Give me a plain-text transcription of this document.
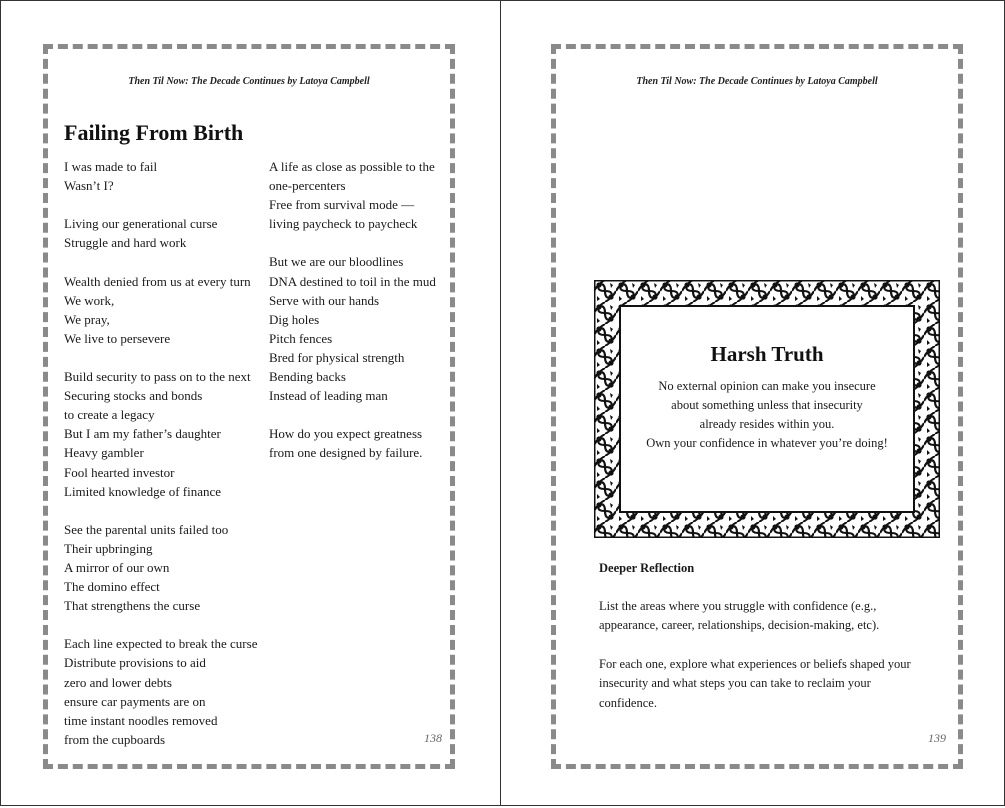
Then Til Now: The Decade Continues by Latoya Campbell
Failing From Birth
I was made to fail
Wasn’t I?
Living our generational curse
Struggle and hard work
Wealth denied from us at every turn
We work,
We pray,
We live to persevere
Build security to pass on to the next
Securing stocks and bonds
to create a legacy
But I am my father’s daughter
Heavy gambler
Fool hearted investor
Limited knowledge of finance
See the parental units failed too
Their upbringing
A mirror of our own
The domino effect
That strengthens the curse
Each line expected to break the curse
Distribute provisions to aid
zero and lower debts
ensure car payments are on
time instant noodles removed
from the cupboards
A life as close as possible to the
one-percenters
Free from survival mode —
living paycheck to paycheck
But we are our bloodlines
DNA destined to toil in the mud
Serve with our hands
Dig holes
Pitch fences
Bred for physical strength
Bending backs
Instead of leading man
How do you expect greatness
from one designed by failure.
138
Then Til Now: The Decade Continues by Latoya Campbell
Harsh Truth
No external opinion can make you insecure
about something unless that insecurity
already resides within you.
Own your confidence in whatever you’re doing!
Deeper Reflection

List the areas where you struggle with confidence (e.g., appearance, career, relationships, decision-making, etc).

For each one, explore what experiences or beliefs shaped your insecurity and what steps you can take to reclaim your confidence.

139
